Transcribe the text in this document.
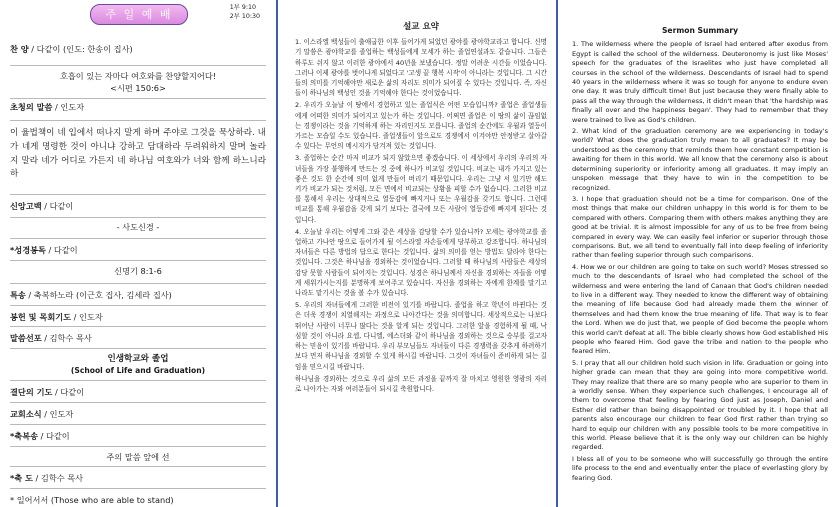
주 일 예 배
1부 9:10
2부 10:30
찬 양 / 다같이 (인도: 한송이 집사)
호흡이 있는 자마다 여호와를 찬양할지어다!
<시편 150:6>
초청의 말씀 / 인도자
이 율법책이 네 입에서 떠나지 말게 하며 주야로 그것을 묵상하라. 내가 네게 명령한 것이 아니냐 강하고 담대하라 두려워하지 말며 놀라지 말라 네가 어디로 가든지 네 하나님 여호와가 너와 함께 하느니라 하
신앙고백 / 다같이
- 사도신경 -
*성경봉독 / 다같이
신명기 8:1-6
특송 / 축복하노라 (이근호 집사, 김세라 집사)
봉헌 및 목회기도 / 인도자
말씀선포 / 김학수 목사
인생학교와 졸업
(School of Life and Graduation)
결단의 기도 / 다같이
교회소식 / 인도자
*축복송 / 다같이
주의 말씀 앞에 선
*축 도 / 김학수 목사
* 일어서서 (Those who are able to stand)
설교 요약

1. 이스라엘 백성들이 출애굽한 이후 들어가게 되었던 광야를 광야학교라고 합니다. 신명기 말씀은 광야학교를 졸업하는 백성들에게 모세가 하는 졸업연설과도 같습니다. 그들은 하루도 쉬지 않고 이러한 광야에서 40년을 보냈습니다. 정말 어려운 시간들 이었습니다. 그러나 이제 광야를 벗어나게 되었다고 '고생 끝 행복 시작'이 아니라는 것입니다. 그 시간들의 의미를 기억해야만 새로운 삶의 자리도 의미가 되어질 수 있다는 것입니다. 즉, 자신들이 하나님의 백성인 것을 기억해야 한다는 것이었습니다.

2. 우리가 오늘날 이 땅에서 경험하고 있는 졸업식은 어떤 모습입니까? 졸업은 졸업생들에게 어떠한 의미가 되어지고 있는가 하는 것입니다. 어쩌면 졸업은 이 땅의 삶이 끊임없는 경쟁이라는 것을 기억하게 하는 자리인지도 모릅니다. 졸업의 순간에도 우월과 열등이 가르는 모습일 수도 있습니다. 졸업생들이 앞으로도 경쟁에서 이겨야만 안정받고 살아갈 수 있다는 무언의 메시지가 담겨져 있는 것입니다.

3. 졸업하는 순간 마저 비교가 되지 않았으면 좋겠습니다. 이 세상에서 우리의 우리의 자녀들을 가장 불행하게 만드는 것 중에 하나가 비교일 것입니다. 비교는 내가 가지고 있는 좋은 것도 한 순간에 의미 없게 만들어 버리기 때문입니다. 우리는 그냥 서 있기만 해도 키가 비교가 되는 것처럼, 모든 면에서 비교되는 상황을 피할 수가 없습니다. 그러한 비교를 통해서 우리는 상대적으로 열등감에 빠지거나 또는 우월감을 갖기도 합니다. 그런데 비교를 통해 우월감을 갖게 되기 보다는 결국에 모든 사람이 열등감에 빠지게 된다는 것입니다.

4. 오늘날 우리는 어떻게 그와 같은 세상을 감당할 수가 있습니까? 모세는 광야학교를 졸업하고 가나안 땅으로 들어가게 될 이스라엘 자손들에게 당부하고 강조합니다. 하나님의 자녀들은 다른 방법의 답으로 한다는 것입니다. 삶의 의미를 얻는 방법도 달라야 한다는 것입니다. 그것은 하나님을 경외하는 것이었습니다. 그러할 때 하나님의 사람들은 세상의 감당 못할 사람들이 되어지는 것입니다. 성경은 하나님께서 자신을 경외하는 자들을 어떻게 세워가시는지를 분명하게 보여주고 있습니다. 자신을 경외하는 자에게 한계를 말기고 나라도 맡기시는 것을 볼 수가 있습니다.

5. 우리의 자녀들에게 그러한 비전이 있기를 바랍니다. 졸업을 하고 학년이 바뀐다는 것은 더욱 경쟁이 치열해지는 과정으로 나아간다는 것을 의미합니다. 세상적으로는 나보다 뛰어난 사람이 너무나 많다는 것을 알게 되는 것입니다. 그러한 앞을 경험하게 될 때, 낙심할 것이 아니라 요셉, 다니엘, 에스더와 같이 하나님을 경외하는 것으로 승부를 걸고자 하는 믿음이 있기를 바랍니다. 우리 부모님들도 자녀들이 다른 경쟁력을 갖추게 하려하기 보다 먼저 하나님을 경외할 수 있게 하시길 바랍니다. 그것이 자녀들이 준비하게 되는 길임을 믿으시길 바랍니다.

하나님을 경외하는 것으로 우리 삶의 모든 과정을 끝까지 잘 마치고 영원한 영광의 자리로 나아가는 자와 여러분들이 되시길 축원합니다.

Sermon Summary

1. The wilderness where the people of Israel had entered after exodus from Egypt is called the school of the wilderness. Deuteronomy is just like Moses' speech for the graduates of the Israelites who just have completed all courses in the school of the wilderness. Descendants of Israel had to spend 40 years in the wilderness where it was so tough for anyone to endure even one day. It was truly difficult time! But just because they were finally able to pass all the way through the wilderness, it didn't mean that 'the hardship was finally all over and the happiness began'. They had to remember that they were trained to live as God's children.

2. What kind of the graduation ceremony are we experiencing in today's world? What does the graduation truly mean to all graduates? It may be understood as the ceremony that reminds them how constant competition is awaiting for them in this world. We all know that the ceremony also is about determining superiority or inferiority among all graduates. It may imply an unspoken message that they have to win in the competition to be recognized.

3. I hope that graduation should not be a time for comparison. One of the most things that make our children unhappy in this world is for them to be compared with others. Comparing them with others makes anything they are good at be trivial. It is almost impossible for any of us to be free from being compared in every way. We can easily feel inferior or superior through those comparisons. But, we all tend to eventually fall into deep feeling of inferiority rather than feeling superior through such comparisons.

4. How we or our children are going to take on such world? Moses stressed so much to the descendants of Israel who had completed the school of the wilderness and were entering the land of Canaan that God's children needed to live in a different way. They needed to know the different way of obtaining the meaning of life because God had already made them the winner of themselves and had them know the true meaning of life. That way is to fear the Lord. When we do just that, we people of God become the people whom this world can't defeat at all. The bible clearly shows how God established His people who feared Him. God gave the tribe and nation to the people who feared Him.

5. I pray that all our children hold such vision in life. Graduation or going into higher grade can mean that they are going into more competitive world. They may realize that there are so many people who are superior to them in a worldly sense. When they experience such challenges, I encourage all of them to overcome that feeling by fearing God just as Joseph, Daniel and Esther did rather than being disappointed or troubled by it. I hope that all parents also encourage our children to fear God first rather than trying so hard to equip our children with any possible tools to be more competitive in this world. Please believe that it is the only way our children can be highly regarded.

I bless all of you to be someone who will successfully go through the entire life process to the end and eventually enter the place of everlasting glory by fearing God.
